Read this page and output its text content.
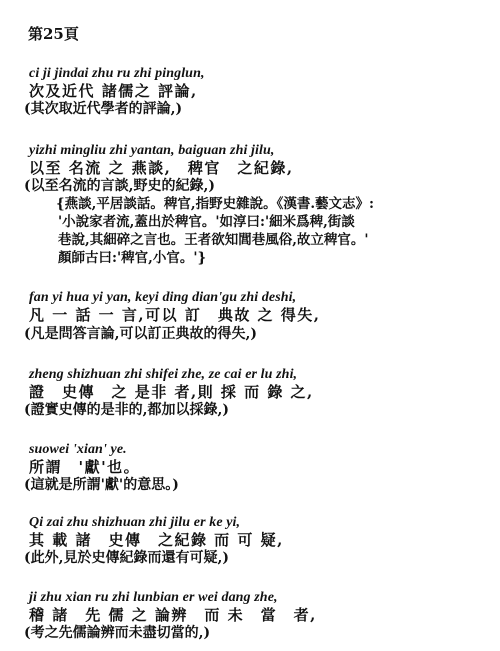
第25頁
ci ji jindai zhu ru zhi pinglun,
次及近代 諸儒之 評論,
(其次取近代學者的評論,)
yizhi mingliu zhi yantan, baiguan zhi jilu,
以至 名流 之 燕談,　稗官　之紀錄,
(以至名流的言談,野史的紀錄,)
{燕談,平居談話。稗官,指野史雜說。《漢書.藝文志》:
'小說家者流,蓋出於稗官。'如淳曰:'細米爲稗,街談
巷說,其細碎之言也。王者欲知閭巷風俗,故立稗官。'
顏師古曰:'稗官,小官。'}
fan yi hua yi yan, keyi ding dian'gu zhi deshi,
凡 一 話 一 言,可以 訂　典故 之 得失,
(凡是問答言論,可以訂正典故的得失,)
zheng shizhuan zhi shifei zhe, ze cai er lu zhi,
證　史傳　之 是非 者,則 採 而 錄 之,
(證實史傳的是非的,都加以採錄,)
suowei 'xian' ye.
所謂　'獻'也。
(這就是所謂'獻'的意思。)
Qi zai zhu shizhuan zhi jilu er ke yi,
其 載 諸　史傳　之紀錄 而 可 疑,
(此外,見於史傳紀錄而還有可疑,)
ji zhu xian ru zhi lunbian er wei dang zhe,
稽 諸　先 儒 之 論辨　而 未　當　者,
(考之先儒論辨而未盡切當的,)
